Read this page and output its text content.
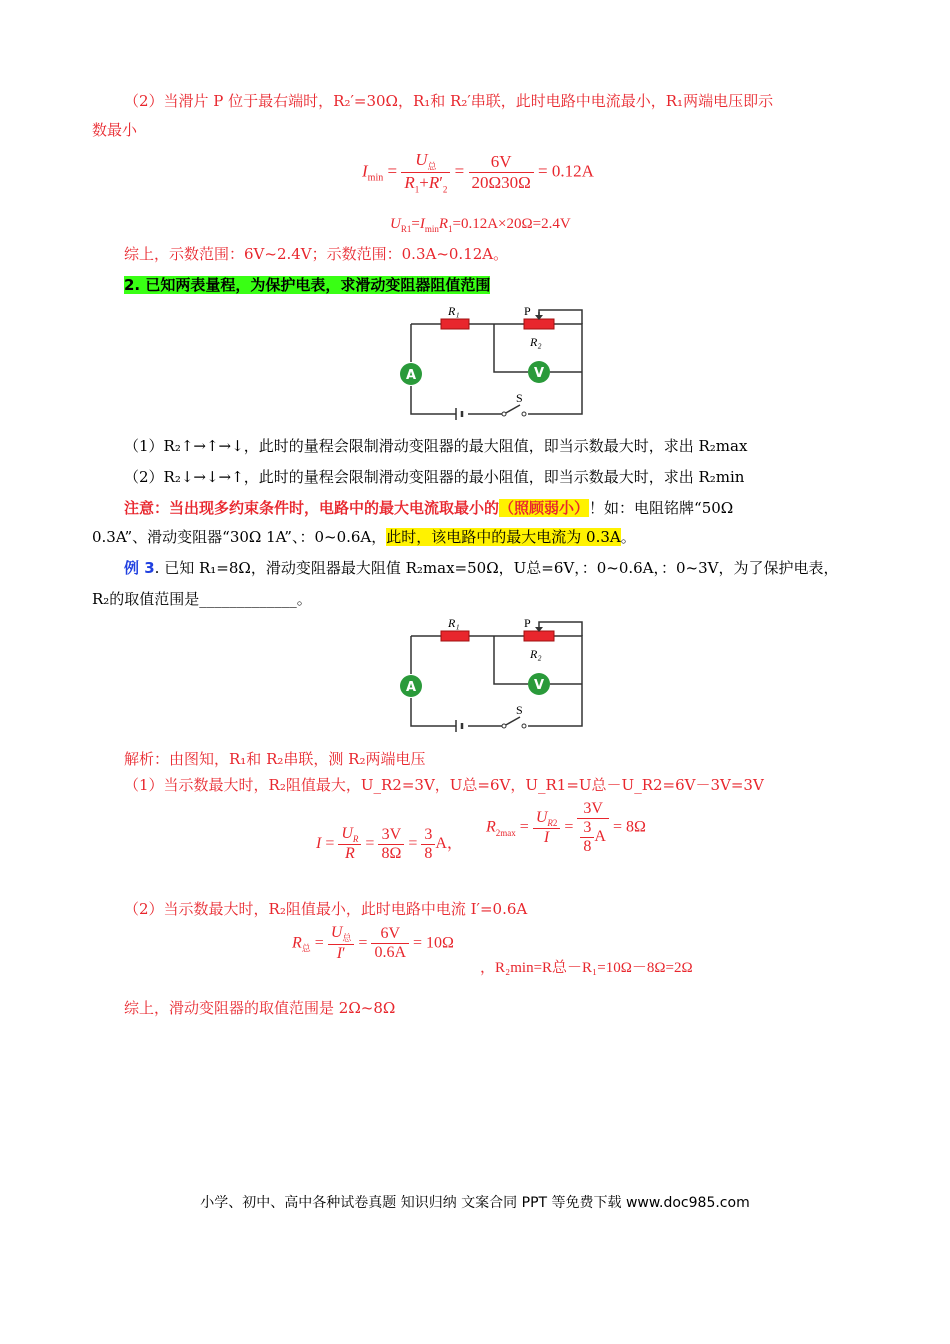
（2）当滑片 P 位于最右端时，R₂′=30Ω，R₁和 R₂′串联，此时电路中电流最小，R₁两端电压即示
数最小
$I_{min} = \frac{U_总}{R_1+R'_2} = \frac{6V}{20\Omega 30\Omega} = 0.12A$
$U_{R1}=I_{min}R_1=0.12A\times 20\Omega=2.4V$
综上，示数范围：6V~2.4V；示数范围：0.3A~0.12A。
2. 已知两表量程，为保护电表，求滑动变阻器阻值范围
A	V
R₁	P
R₂
S
（1）R₂↑→↑→↓，此时的量程会限制滑动变阻器的最大阻值，即当示数最大时，求出 R₂max
（2）R₂↓→↓→↑，此时的量程会限制滑动变阻器的最小阻值，即当示数最大时，求出 R₂min
注意：当出现多约束条件时，电路中的最大电流取最小的（照顾弱小）！如：电阻铭牌“50Ω
0.3A”、滑动变阻器“30Ω 1A”、：0~0.6A，此时，该电路中的最大电流为 0.3A。
例 3. 已知 R₁=8Ω，滑动变阻器最大阻值 R₂max=50Ω，U总=6V，：0~0.6A，：0~3V，为了保护电表，
R₂的取值范围是_____________。
A	V
R₁	P
R₂
S
解析：由图知，R₁和 R₂串联，测 R₂两端电压
（1）当示数最大时，R₂阻值最大，U_R2=3V，U总=6V，U_R1=U总－U_R2=6V－3V=3V
$I = \frac{U_R}{R} = \frac{3V}{8\Omega} = \frac{3}{8}$ A，
$R_{2max} = \frac{U_{R2}}{I} = \frac{3V}{\frac{3}{8} A} = 8\Omega$
（2）当示数最大时，R₂阻值最小，此时电路中电流 I′=0.6A
$R_总 = \frac{U_总}{I'} = \frac{6V}{0.6A} = 10\Omega$
，R₂min=R总－R₁=10Ω－8Ω=2Ω
综上，滑动变阻器的取值范围是 2Ω~8Ω
小学、初中、高中各种试卷真题 知识归纳 文案合同 PPT 等免费下载 www.doc985.com
